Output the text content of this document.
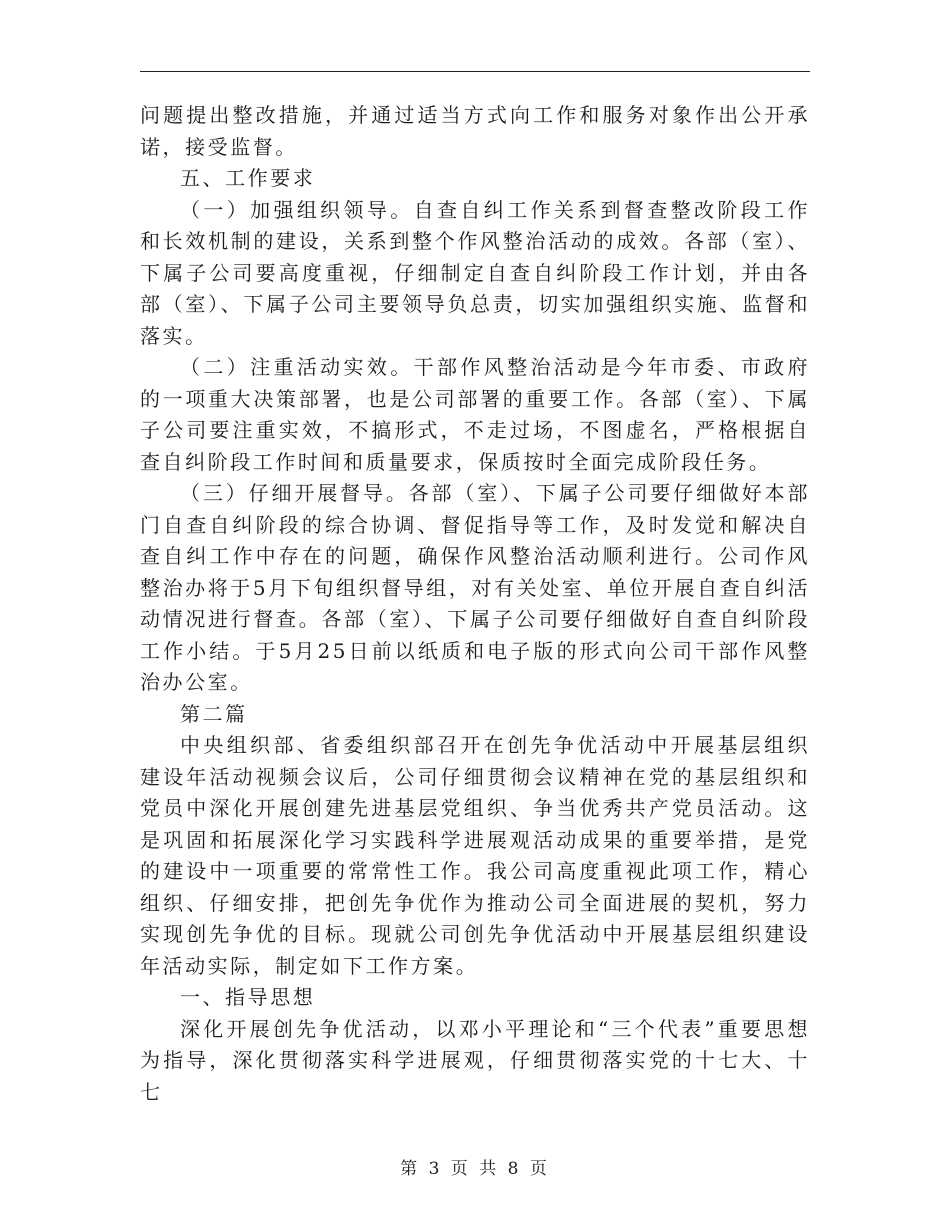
问题提出整改措施，并通过适当方式向工作和服务对象作出公开承诺，接受监督。

五、工作要求

（一）加强组织领导。自查自纠工作关系到督查整改阶段工作和长效机制的建设，关系到整个作风整治活动的成效。各部（室）、下属子公司要高度重视，仔细制定自查自纠阶段工作计划，并由各部（室）、下属子公司主要领导负总责，切实加强组织实施、监督和落实。

（二）注重活动实效。干部作风整治活动是今年市委、市政府的一项重大决策部署，也是公司部署的重要工作。各部（室）、下属子公司要注重实效，不搞形式，不走过场，不图虚名，严格根据自查自纠阶段工作时间和质量要求，保质按时全面完成阶段任务。

（三）仔细开展督导。各部（室）、下属子公司要仔细做好本部门自查自纠阶段的综合协调、督促指导等工作，及时发觉和解决自查自纠工作中存在的问题，确保作风整治活动顺利进行。公司作风整治办将于5月下旬组织督导组，对有关处室、单位开展自查自纠活动情况进行督查。各部（室）、下属子公司要仔细做好自查自纠阶段工作小结。于5月25日前以纸质和电子版的形式向公司干部作风整治办公室。

第二篇

中央组织部、省委组织部召开在创先争优活动中开展基层组织建设年活动视频会议后，公司仔细贯彻会议精神在党的基层组织和党员中深化开展创建先进基层党组织、争当优秀共产党员活动。这是巩固和拓展深化学习实践科学进展观活动成果的重要举措，是党的建设中一项重要的常常性工作。我公司高度重视此项工作，精心组织、仔细安排，把创先争优作为推动公司全面进展的契机，努力实现创先争优的目标。现就公司创先争优活动中开展基层组织建设年活动实际，制定如下工作方案。

一、指导思想

深化开展创先争优活动，以邓小平理论和“三个代表”重要思想为指导，深化贯彻落实科学进展观，仔细贯彻落实党的十七大、十七

第 3 页 共 8 页
